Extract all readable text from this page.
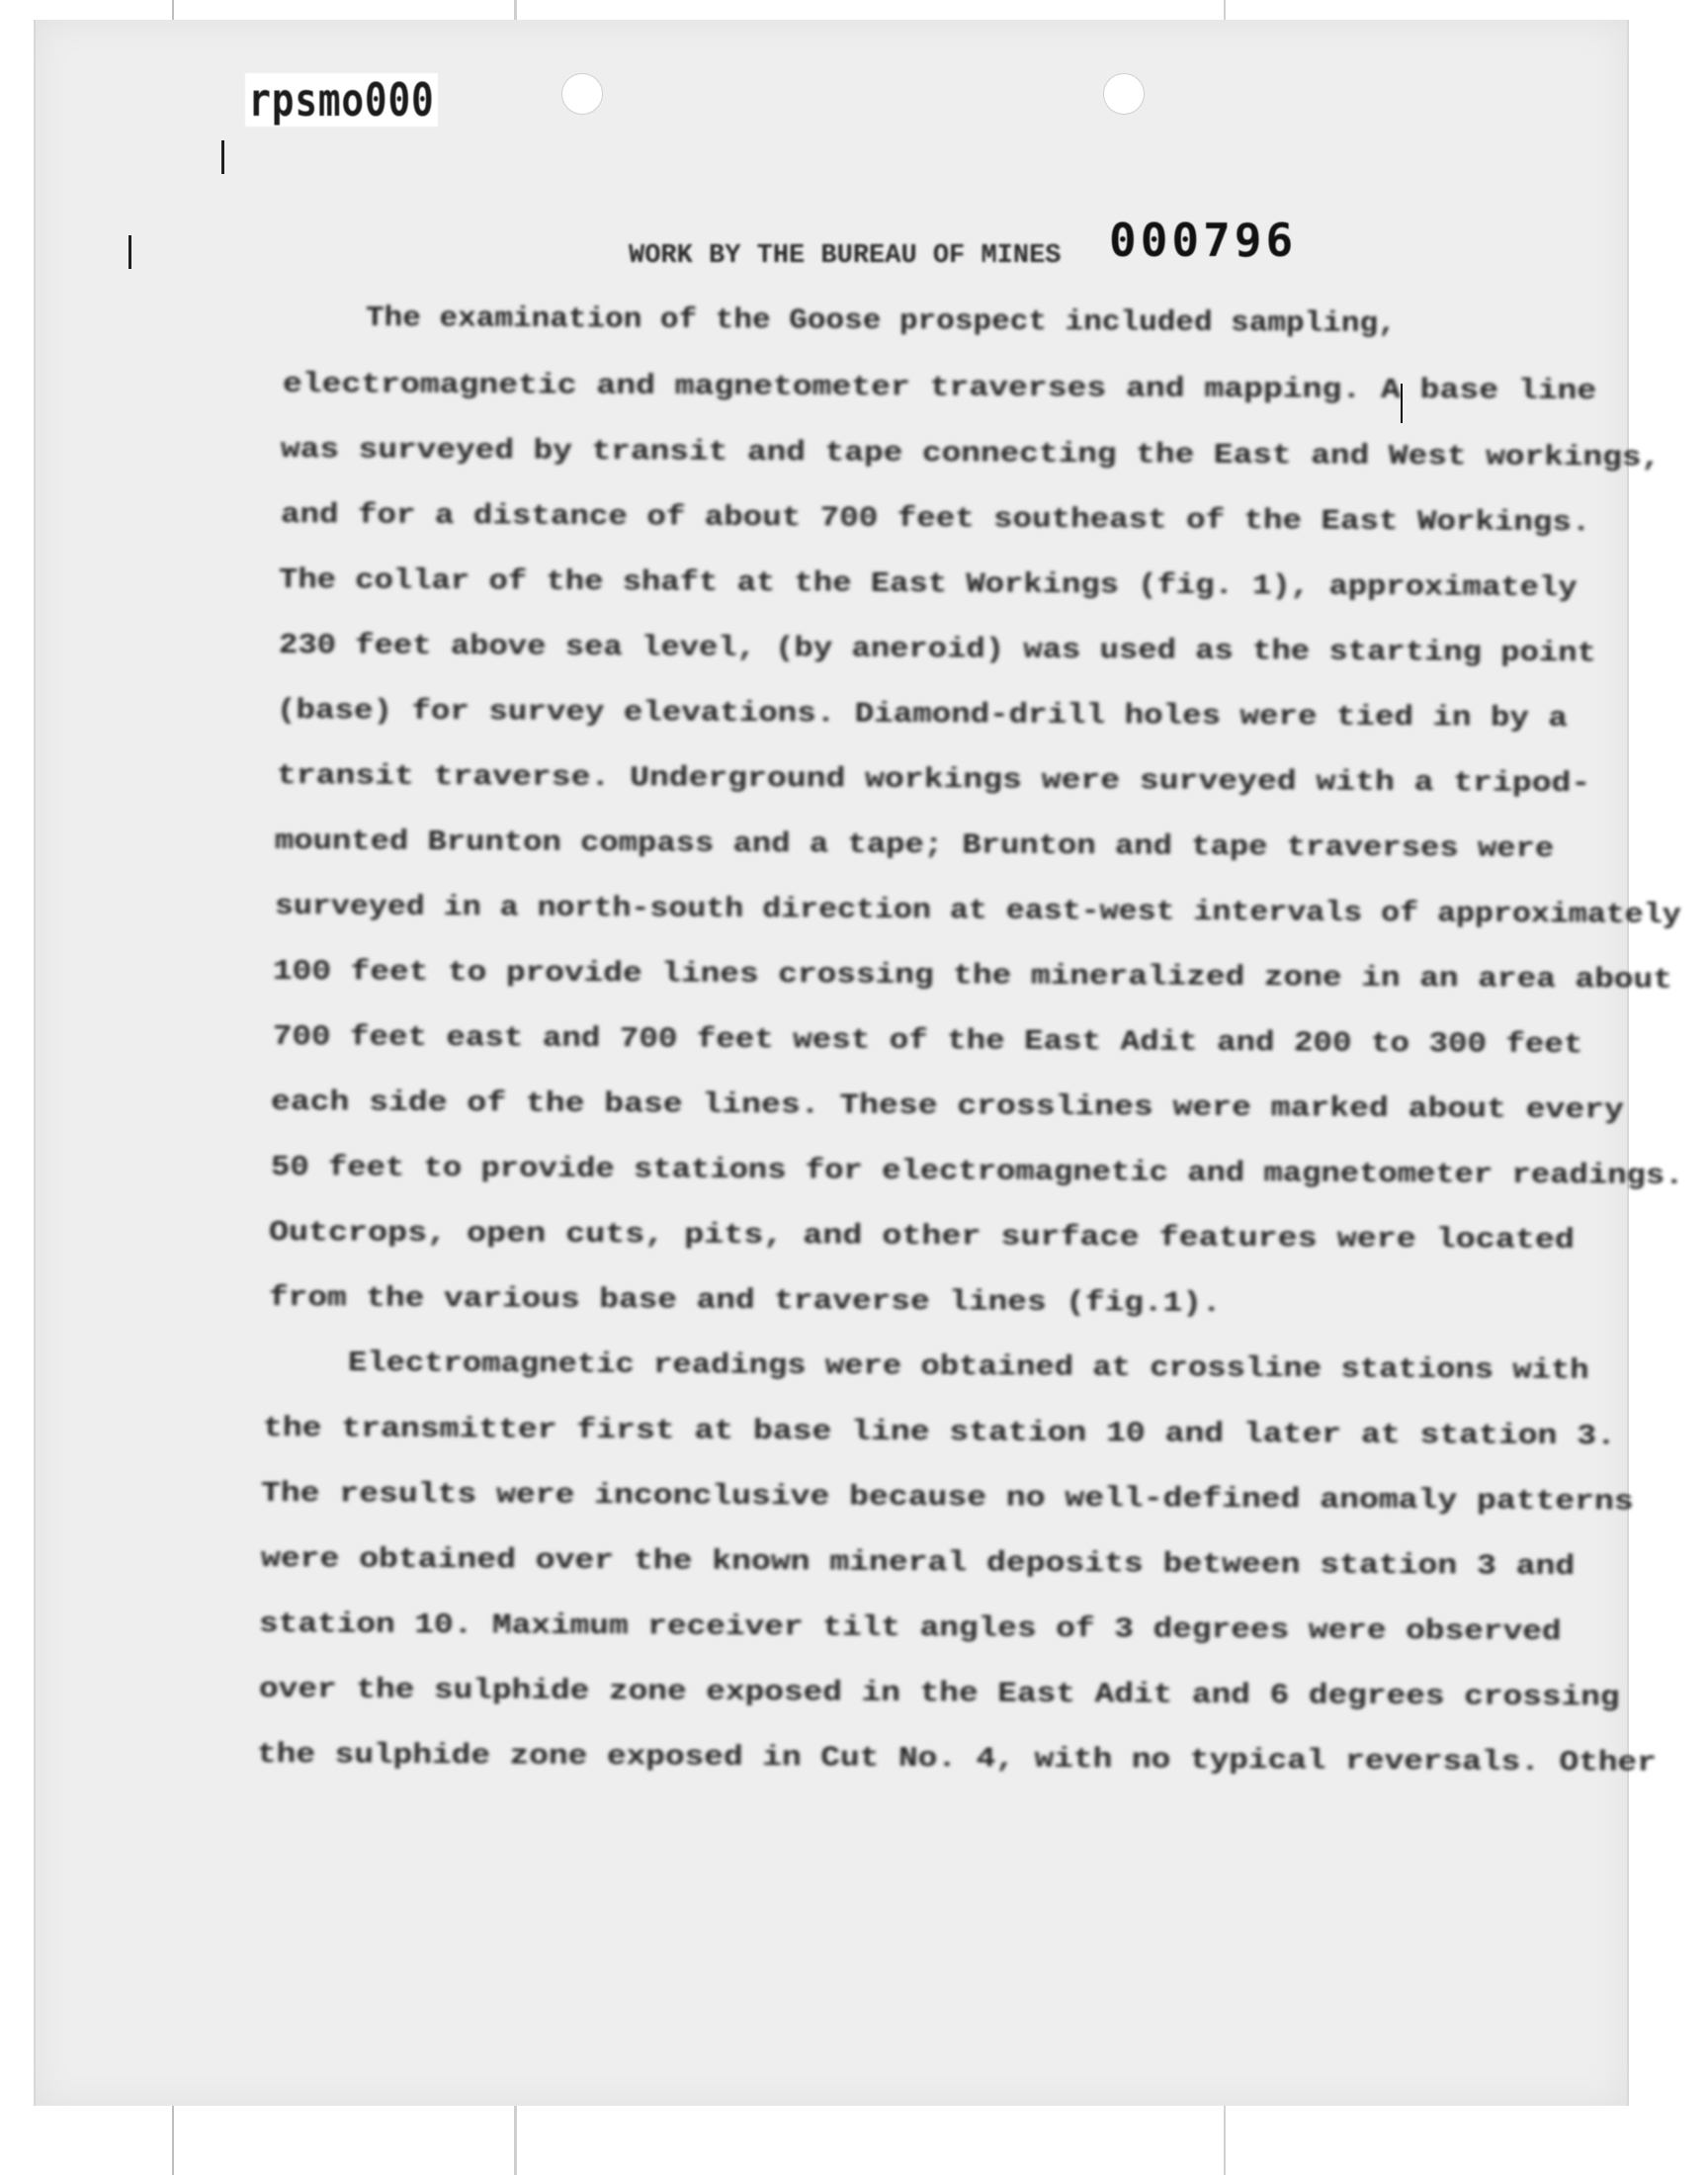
rpsmo000
000796
WORK BY THE BUREAU OF MINES
The examination of the Goose prospect included sampling,
electromagnetic and magnetometer traverses and mapping. A base line
was surveyed by transit and tape connecting the East and West workings,
and for a distance of about 700 feet southeast of the East Workings.
The collar of the shaft at the East Workings (fig. 1), approximately
230 feet above sea level, (by aneroid) was used as the starting point
(base) for survey elevations. Diamond-drill holes were tied in by a
transit traverse. Underground workings were surveyed with a tripod-
mounted Brunton compass and a tape; Brunton and tape traverses were
surveyed in a north-south direction at east-west intervals of approximately
100 feet to provide lines crossing the mineralized zone in an area about
700 feet east and 700 feet west of the East Adit and 200 to 300 feet
each side of the base lines. These crosslines were marked about every
50 feet to provide stations for electromagnetic and magnetometer readings.
Outcrops, open cuts, pits, and other surface features were located
from the various base and traverse lines (fig.1).
Electromagnetic readings were obtained at crossline stations with
the transmitter first at base line station 10 and later at station 3.
The results were inconclusive because no well-defined anomaly patterns
were obtained over the known mineral deposits between station 3 and
station 10. Maximum receiver tilt angles of 3 degrees were observed
over the sulphide zone exposed in the East Adit and 6 degrees crossing
the sulphide zone exposed in Cut No. 4, with no typical reversals. Other
